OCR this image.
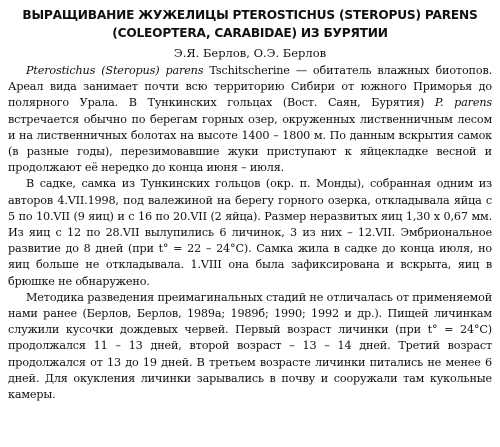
ВЫРАЩИВАНИЕ ЖУЖЕЛИЦЫ PTEROSTICHUS (STEROPUS) PARENS
(COLEOPTERA, CARABIDAE) ИЗ БУРЯТИИ
Э.Я. Берлов, О.Э. Берлов

Pterostichus (Steropus) parens Tschitscherine — обитатель влажных биотопов. Ареал вида занимает почти всю территорию Сибири от южного Приморья до полярного Урала. В Тункинских гольцах (Вост. Саян, Бурятия) P. parens встречается обычно по берегам горных озер, окруженных лиственничным лесом и на лиственничных болотах на высоте 1400 – 1800 м. По данным вскрытия самок (в разные годы), перезимовавшие жуки приступают к яйцекладке весной и продолжают её нередко до конца июня – июля.

В садке, самка из Тункинских гольцов (окр. п. Монды), собранная одним из авторов 4.VII.1998, под валежиной на берегу горного озерка, откладывала яйца с 5 по 10.VII (9 яиц) и с 16 по 20.VII (2 яйца). Размер неразвитых яиц 1,30 х 0,67 мм. Из яиц с 12 по 28.VII вылупились 6 личинок, 3 из них – 12.VII. Эмбриональное развитие до 8 дней (при t° = 22 – 24°С). Самка жила в садке до конца июля, но яиц больше не откладывала. 1.VIII она была зафиксирована и вскрыта, яиц в брюшке не обнаружено.

Методика разведения преимагинальных стадий не отличалась от применяемой нами ранее (Берлов, Берлов, 1989а; 1989б; 1990; 1992 и др.). Пищей личинкам служили кусочки дождевых червей. Первый возраст личинки (при t° = 24°С) продолжался 11 – 13 дней, второй возраст – 13 – 14 дней. Третий возраст продолжался от 13 до 19 дней. В третьем возрасте личинки питались не менее 6 дней. Для окукления личинки зарывались в почву и сооружали там кукольные камеры.
